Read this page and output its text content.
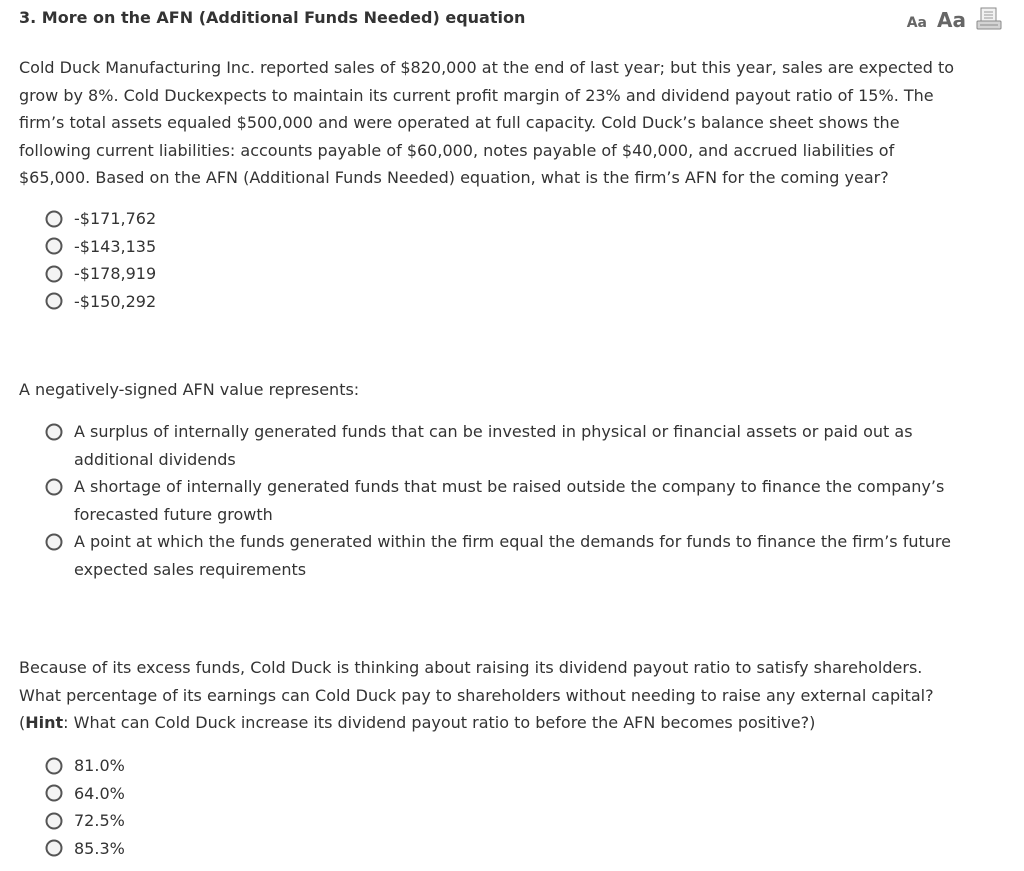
3. More on the AFN (Additional Funds Needed) equation	Aa Aa
Cold Duck Manufacturing Inc. reported sales of $820,000 at the end of last year; but this year, sales are expected to
grow by 8%. Cold Duckexpects to maintain its current profit margin of 23% and dividend payout ratio of 15%. The
firm’s total assets equaled $500,000 and were operated at full capacity. Cold Duck’s balance sheet shows the
following current liabilities: accounts payable of $60,000, notes payable of $40,000, and accrued liabilities of
$65,000. Based on the AFN (Additional Funds Needed) equation, what is the firm’s AFN for the coming year?
-$171,762
-$143,135
-$178,919
-$150,292
A negatively-signed AFN value represents:
A surplus of internally generated funds that can be invested in physical or financial assets or paid out as
additional dividends
A shortage of internally generated funds that must be raised outside the company to finance the company’s
forecasted future growth
A point at which the funds generated within the firm equal the demands for funds to finance the firm’s future
expected sales requirements
Because of its excess funds, Cold Duck is thinking about raising its dividend payout ratio to satisfy shareholders.
What percentage of its earnings can Cold Duck pay to shareholders without needing to raise any external capital?
(Hint: What can Cold Duck increase its dividend payout ratio to before the AFN becomes positive?)
81.0%
64.0%
72.5%
85.3%
